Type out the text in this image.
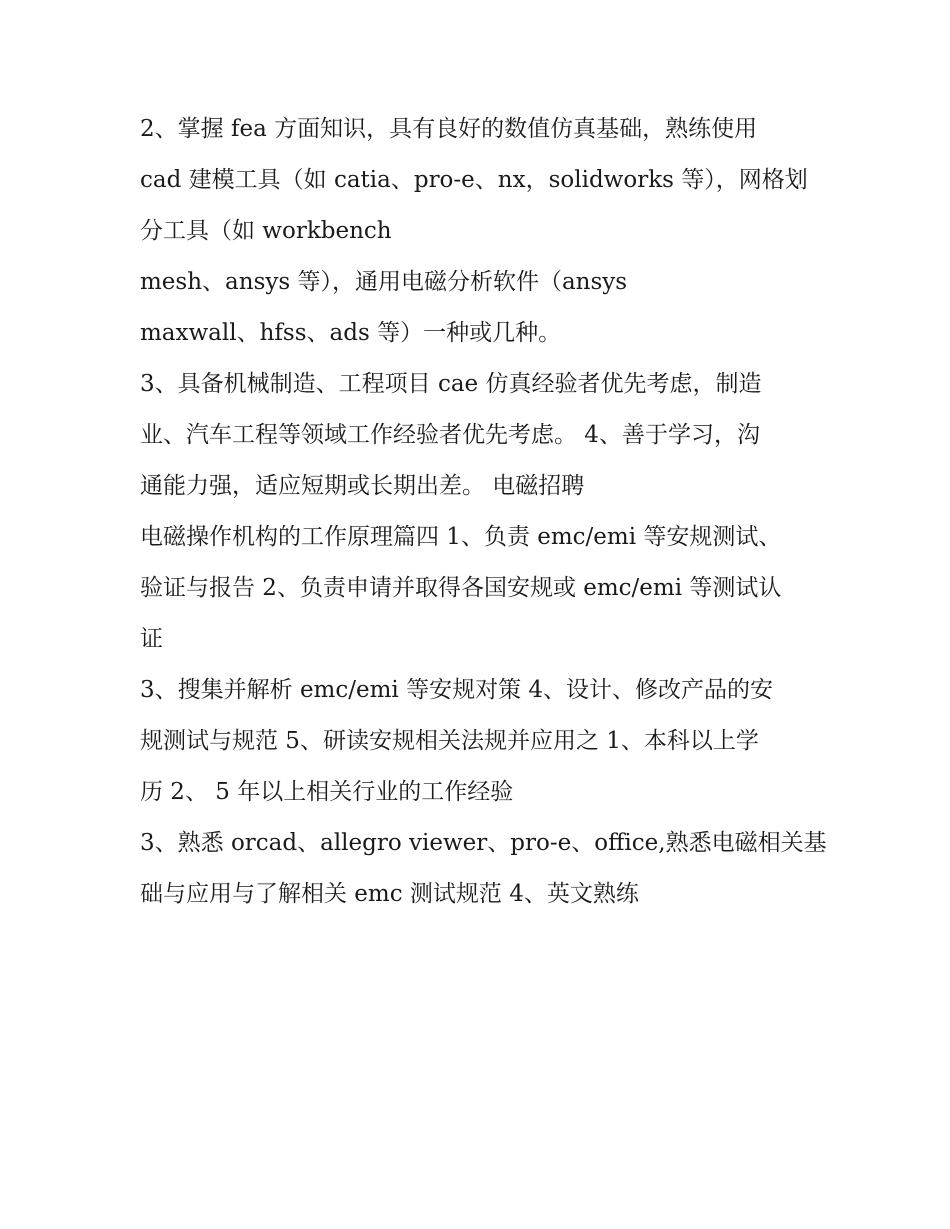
2、掌握 fea 方面知识，具有良好的数值仿真基础，熟练使用
cad 建模工具（如 catia、pro-e、nx，solidworks 等），网格划
分工具（如 workbench
mesh、ansys 等），通用电磁分析软件（ansys
maxwall、hfss、ads 等）一种或几种。
3、具备机械制造、工程项目 cae 仿真经验者优先考虑，制造
业、汽车工程等领域工作经验者优先考虑。 4、善于学习，沟
通能力强，适应短期或长期出差。 电磁招聘
电磁操作机构的工作原理篇四 1、负责 emc/emi 等安规测试、
验证与报告 2、负责申请并取得各国安规或 emc/emi 等测试认
证
3、搜集并解析 emc/emi 等安规对策 4、设计、修改产品的安
规测试与规范 5、研读安规相关法规并应用之 1、本科以上学
历 2、 5 年以上相关行业的工作经验
3、熟悉 orcad、allegro viewer、pro-e、office,熟悉电磁相关基
础与应用与了解相关 emc 测试规范 4、英文熟练
